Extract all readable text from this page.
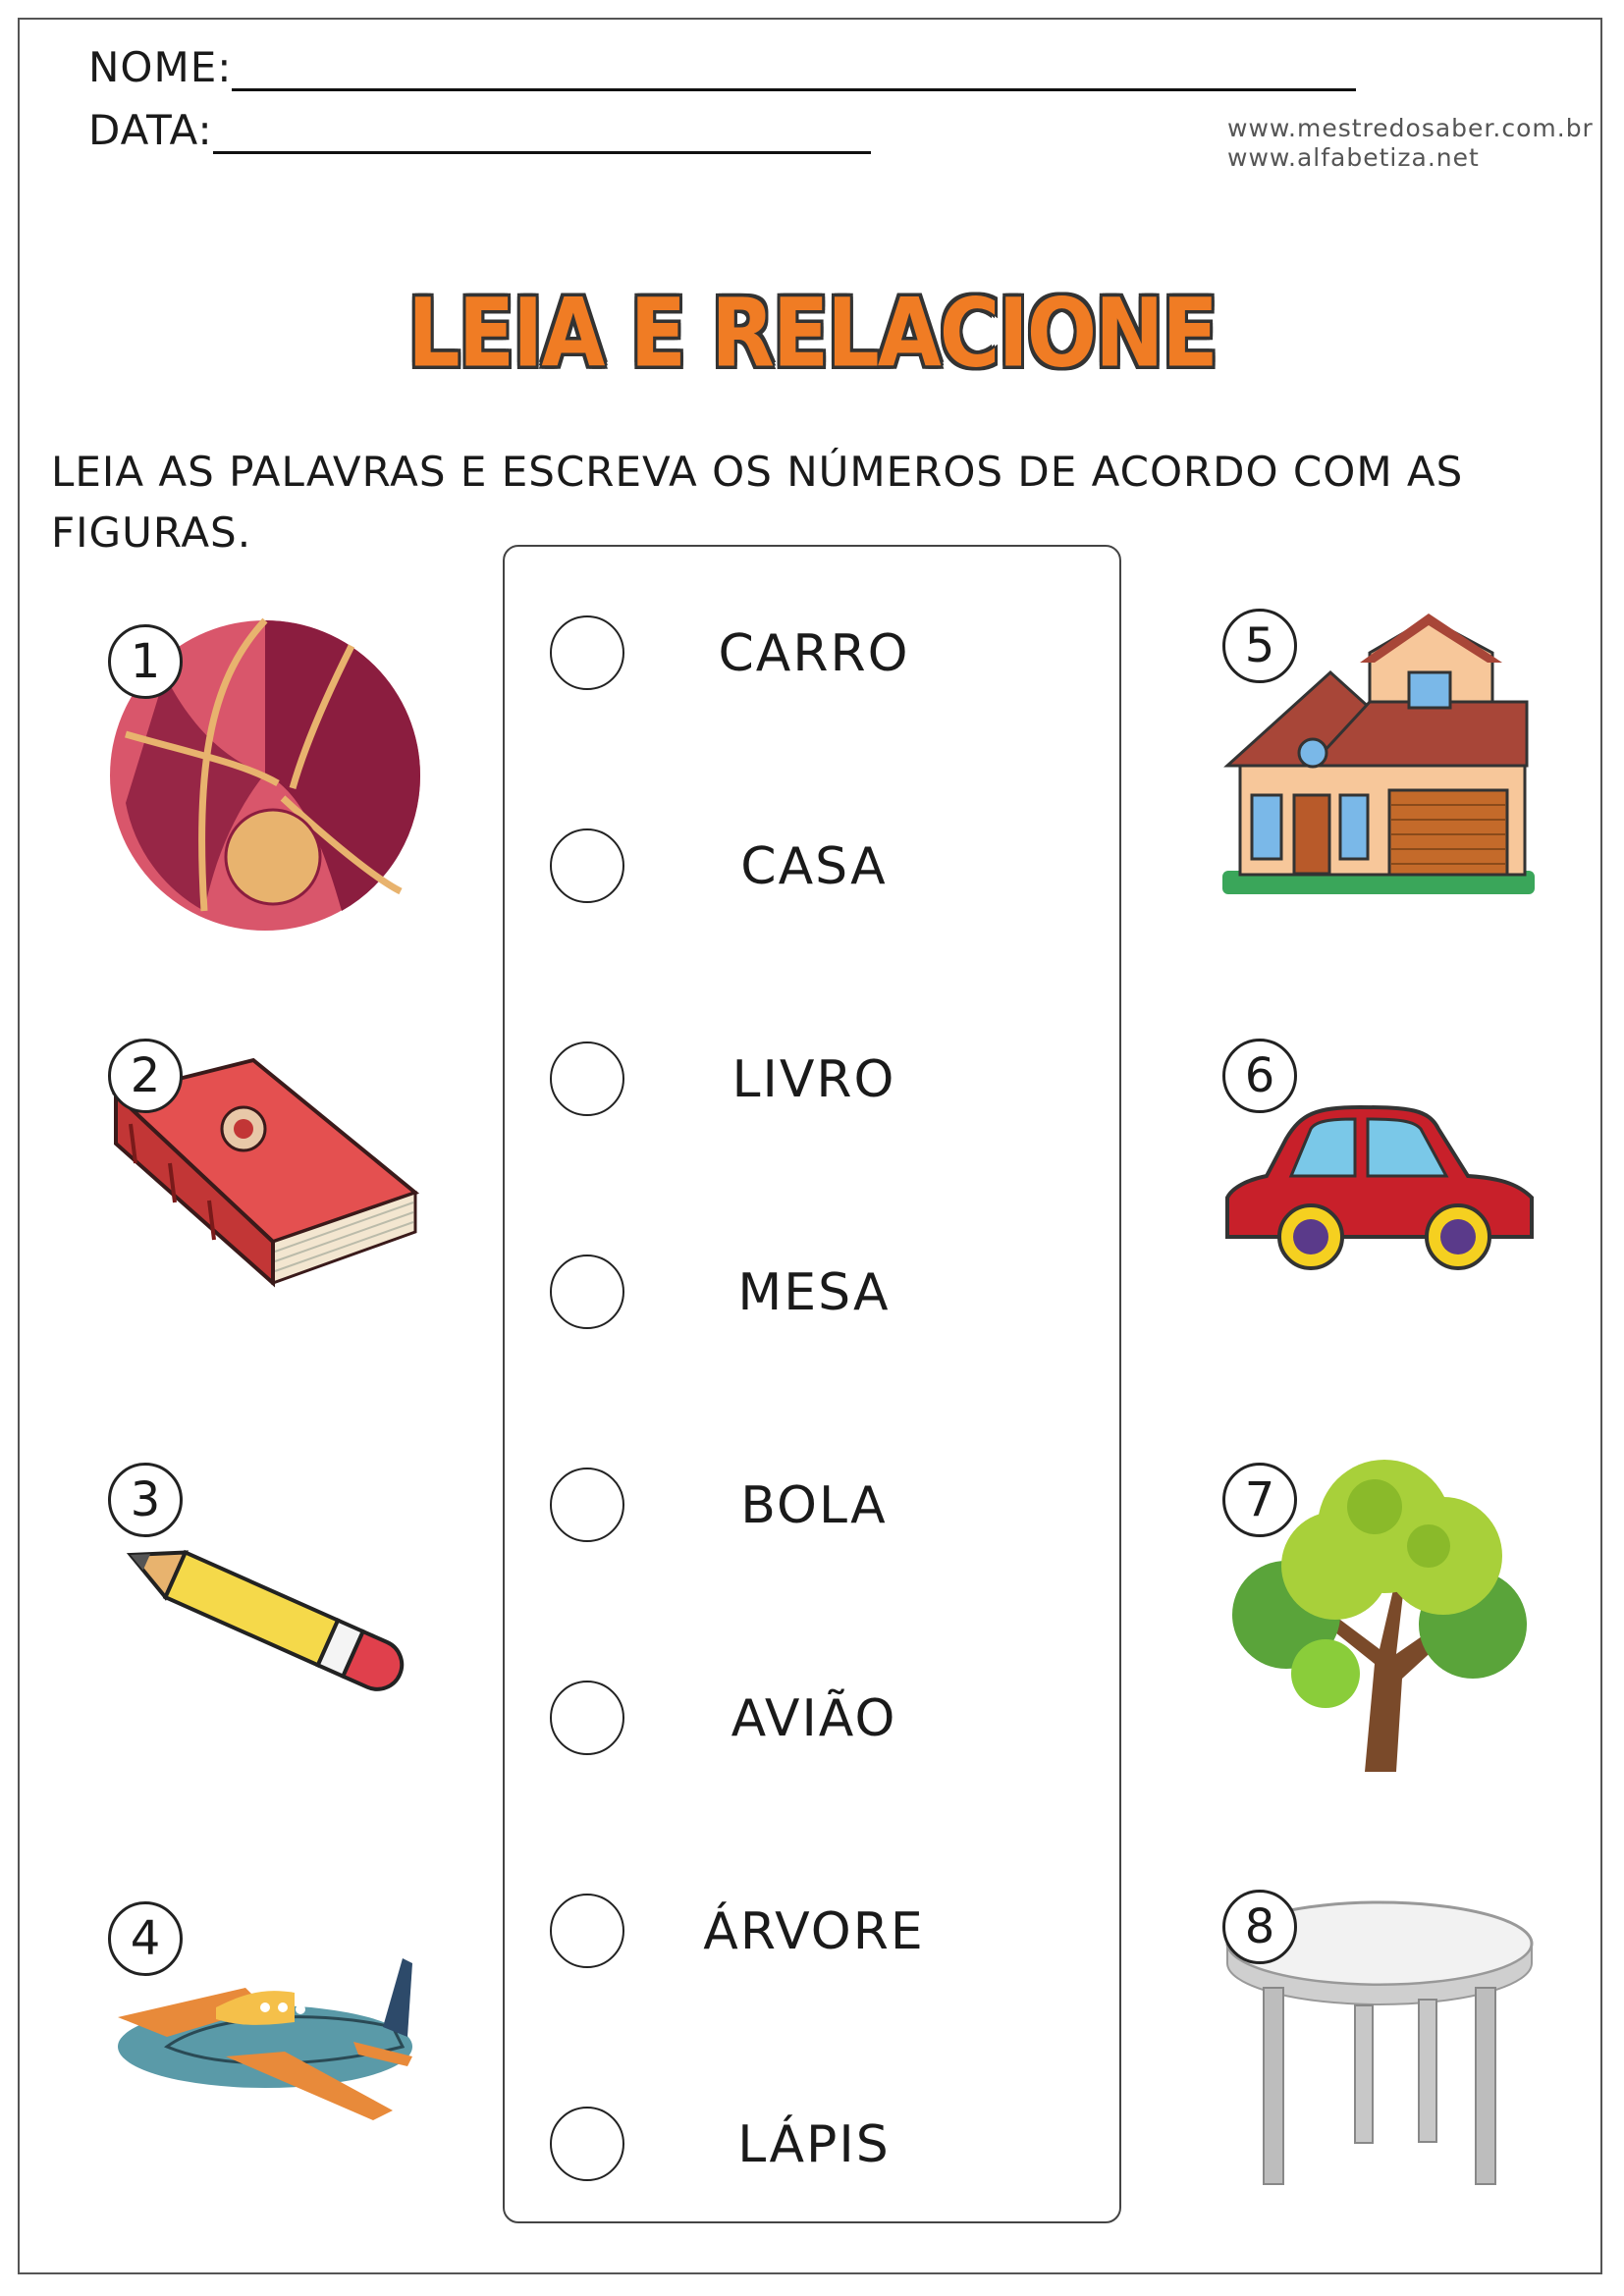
NOME:
DATA:	www.mestredosaber.com.br
www.alfabetiza.net
LEIA E RELACIONE
LEIA AS PALAVRAS E ESCREVA OS NÚMEROS DE ACORDO COM AS FIGURAS.
CARRO
CASA
LIVRO
MESA
BOLA
AVIÃO
ÁRVORE
LÁPIS
1
2
3
4
5
6
7
8
